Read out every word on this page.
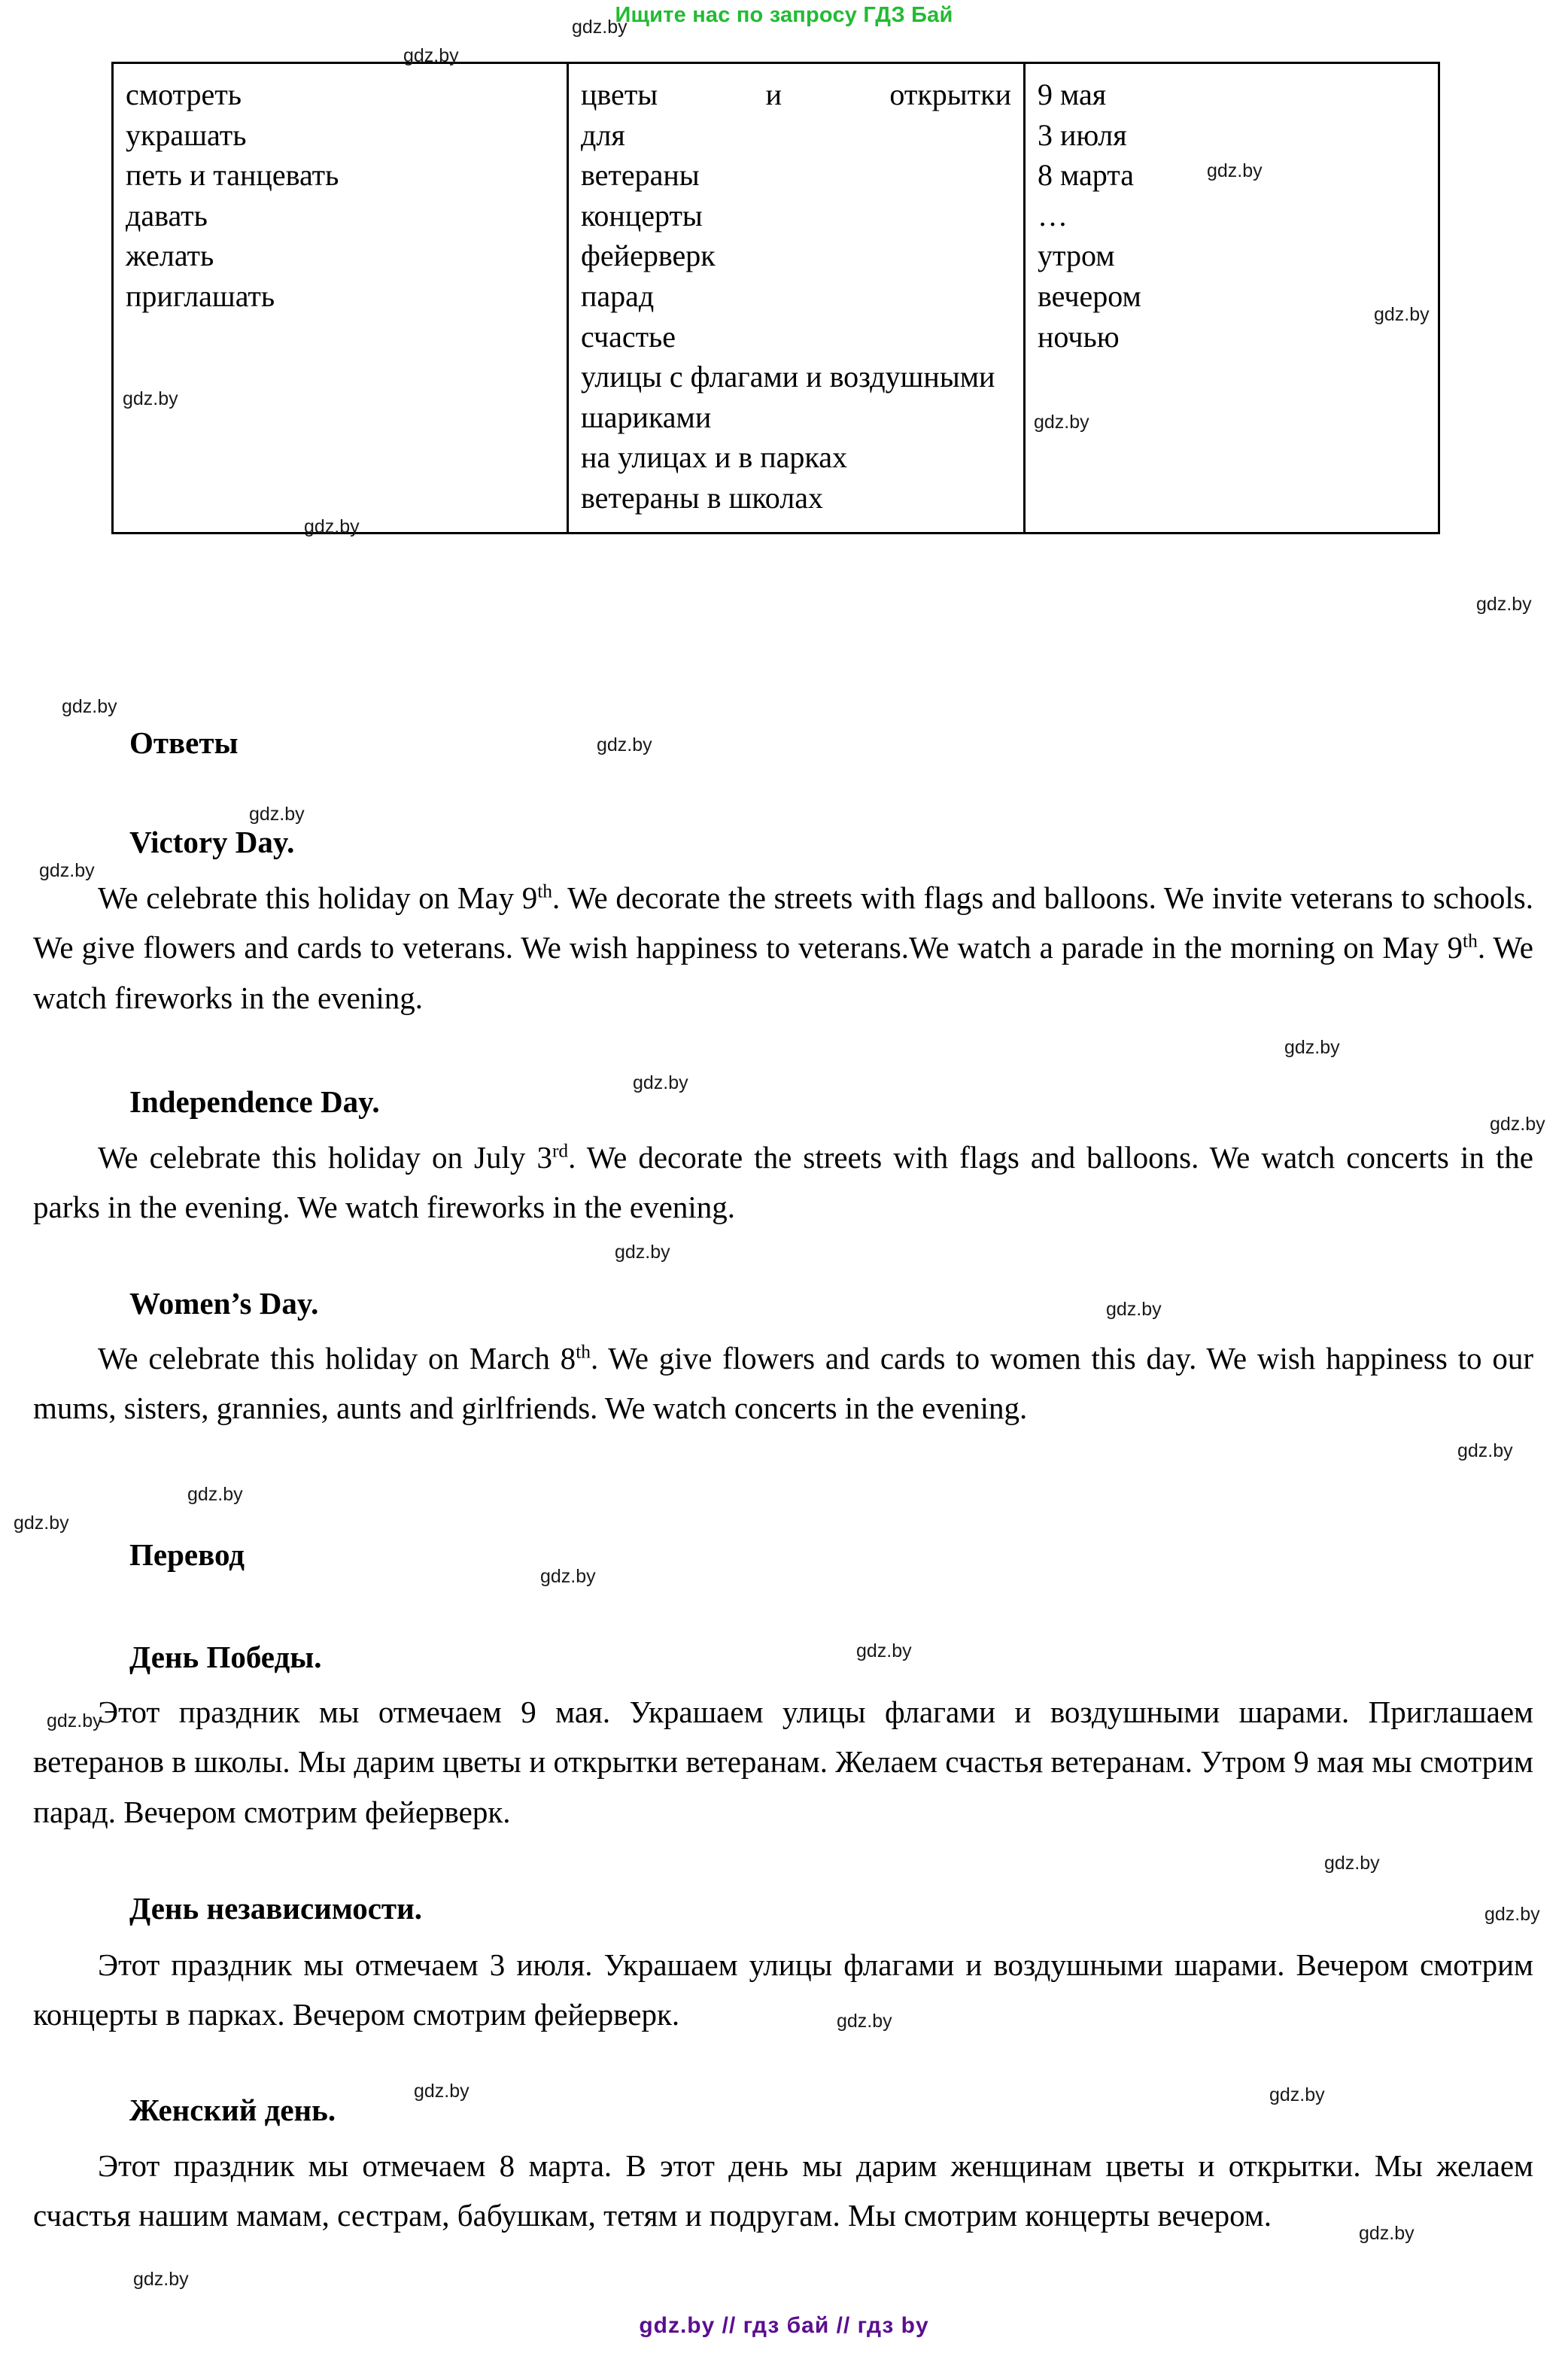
Ищите нас по запросу ГДЗ Бай
смотреть
украшать
петь и танцевать
давать
желать
приглашать

цветы и открытки
для
ветераны
концерты
фейерверк
парад
счастье
улицы с флагами и воздушными шариками
на улицах и в парках
ветераны в школах

9 мая
3 июля
8 марта
…
утром
вечером
ночью
Ответы
Victory Day.
We celebrate this holiday on May 9th. We decorate the streets with flags and balloons. We invite veterans to schools. We give flowers and cards to veterans. We wish happiness to veterans.We watch a parade in the morning on May 9th. We watch fireworks in the evening.
Independence Day.
We celebrate this holiday on July 3rd. We decorate the streets with flags and balloons. We watch concerts in the parks in the evening. We watch fireworks in the evening.
Women’s Day.
We celebrate this holiday on March 8th. We give flowers and cards to women this day. We wish happiness to our mums, sisters, grannies, aunts and girlfriends. We watch concerts in the evening.
Перевод
День Победы.
Этот праздник мы отмечаем 9 мая. Украшаем улицы флагами и воздушными шарами. Приглашаем ветеранов в школы. Мы дарим цветы и открытки ветеранам. Желаем счастья ветеранам. Утром 9 мая мы смотрим парад. Вечером смотрим фейерверк.
День независимости.
Этот праздник мы отмечаем 3 июля. Украшаем улицы флагами и воздушными шарами. Вечером смотрим концерты в парках. Вечером смотрим фейерверк.
Женский день.
Этот праздник мы отмечаем 8 марта. В этот день мы дарим женщинам цветы и открытки. Мы желаем счастья нашим мамам, сестрам, бабушкам, тетям и подругам. Мы смотрим концерты вечером.
gdz.by // гдз бай // гдз by
gdz.by
gdz.by
gdz.by
gdz.by
gdz.by
gdz.by
gdz.by
gdz.by
gdz.by
gdz.by
gdz.by
gdz.by
gdz.by
gdz.by
gdz.by
gdz.by
gdz.by
gdz.by
gdz.by
gdz.by
gdz.by
gdz.by
gdz.by
gdz.by
gdz.by
gdz.by
gdz.by	gdz.by
gdz.by
gdz.by
